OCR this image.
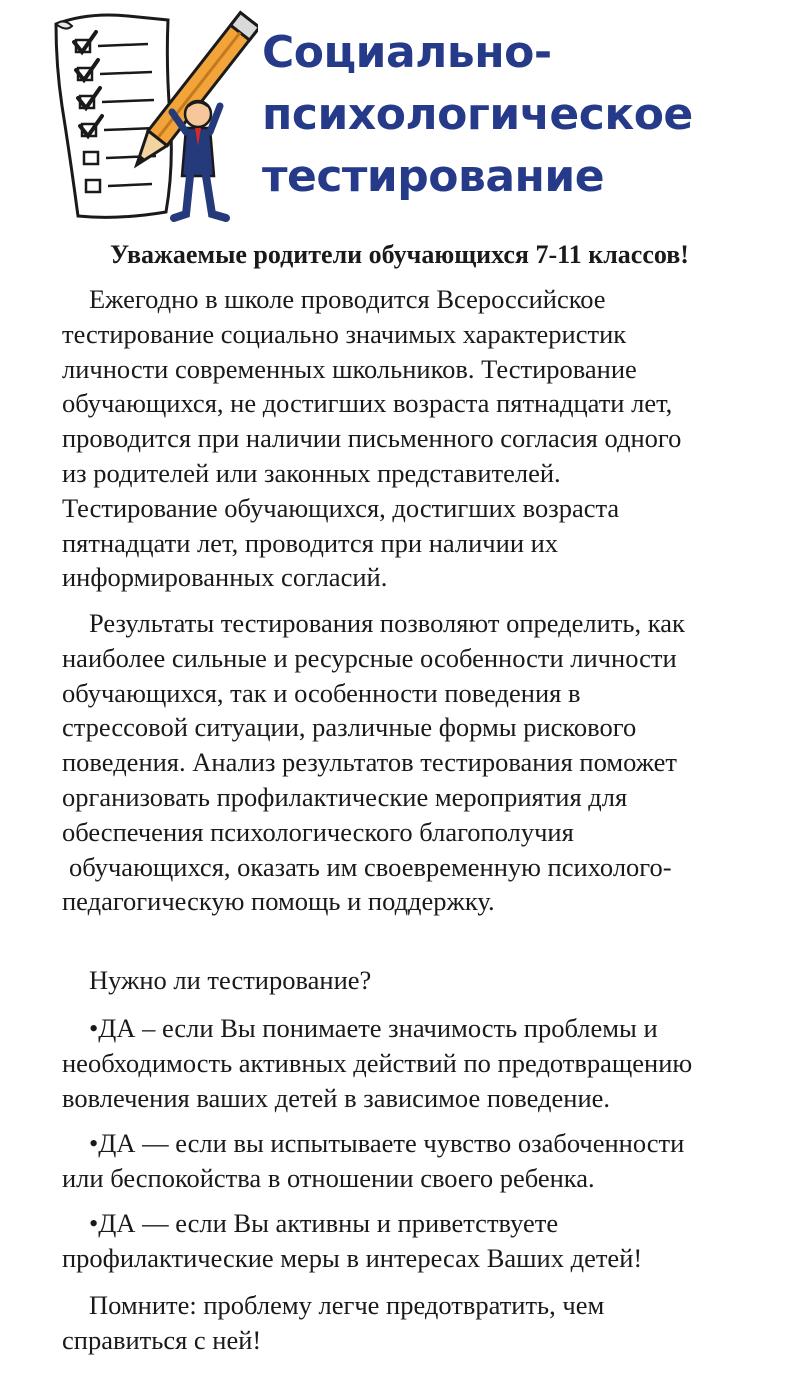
Социально-
психологическое
тестирование

Уважаемые родители обучающихся 7-11 классов!

Ежегодно в школе проводится Всероссийское
тестирование социально значимых характеристик
личности современных школьников. Тестирование
обучающихся, не достигших возраста пятнадцати лет,
проводится при наличии письменного согласия одного
из родителей или законных представителей.
Тестирование обучающихся, достигших возраста
пятнадцати лет, проводится при наличии их
информированных согласий.

Результаты тестирования позволяют определить, как
наиболее сильные и ресурсные особенности личности
обучающихся, так и особенности поведения в
стрессовой ситуации, различные формы рискового
поведения. Анализ результатов тестирования поможет
организовать профилактические мероприятия для
обеспечения психологического благополучия
обучающихся, оказать им своевременную психолого-
педагогическую помощь и поддержку.

Нужно ли тестирование?

•ДА – если Вы понимаете значимость проблемы и
необходимость активных действий по предотвращению
вовлечения ваших детей в зависимое поведение.

•ДА — если вы испытываете чувство озабоченности
или беспокойства в отношении своего ребенка.

•ДА — если Вы активны и приветствуете
профилактические меры в интересах Ваших детей!

Помните: проблему легче предотвратить, чем
справиться с ней!
